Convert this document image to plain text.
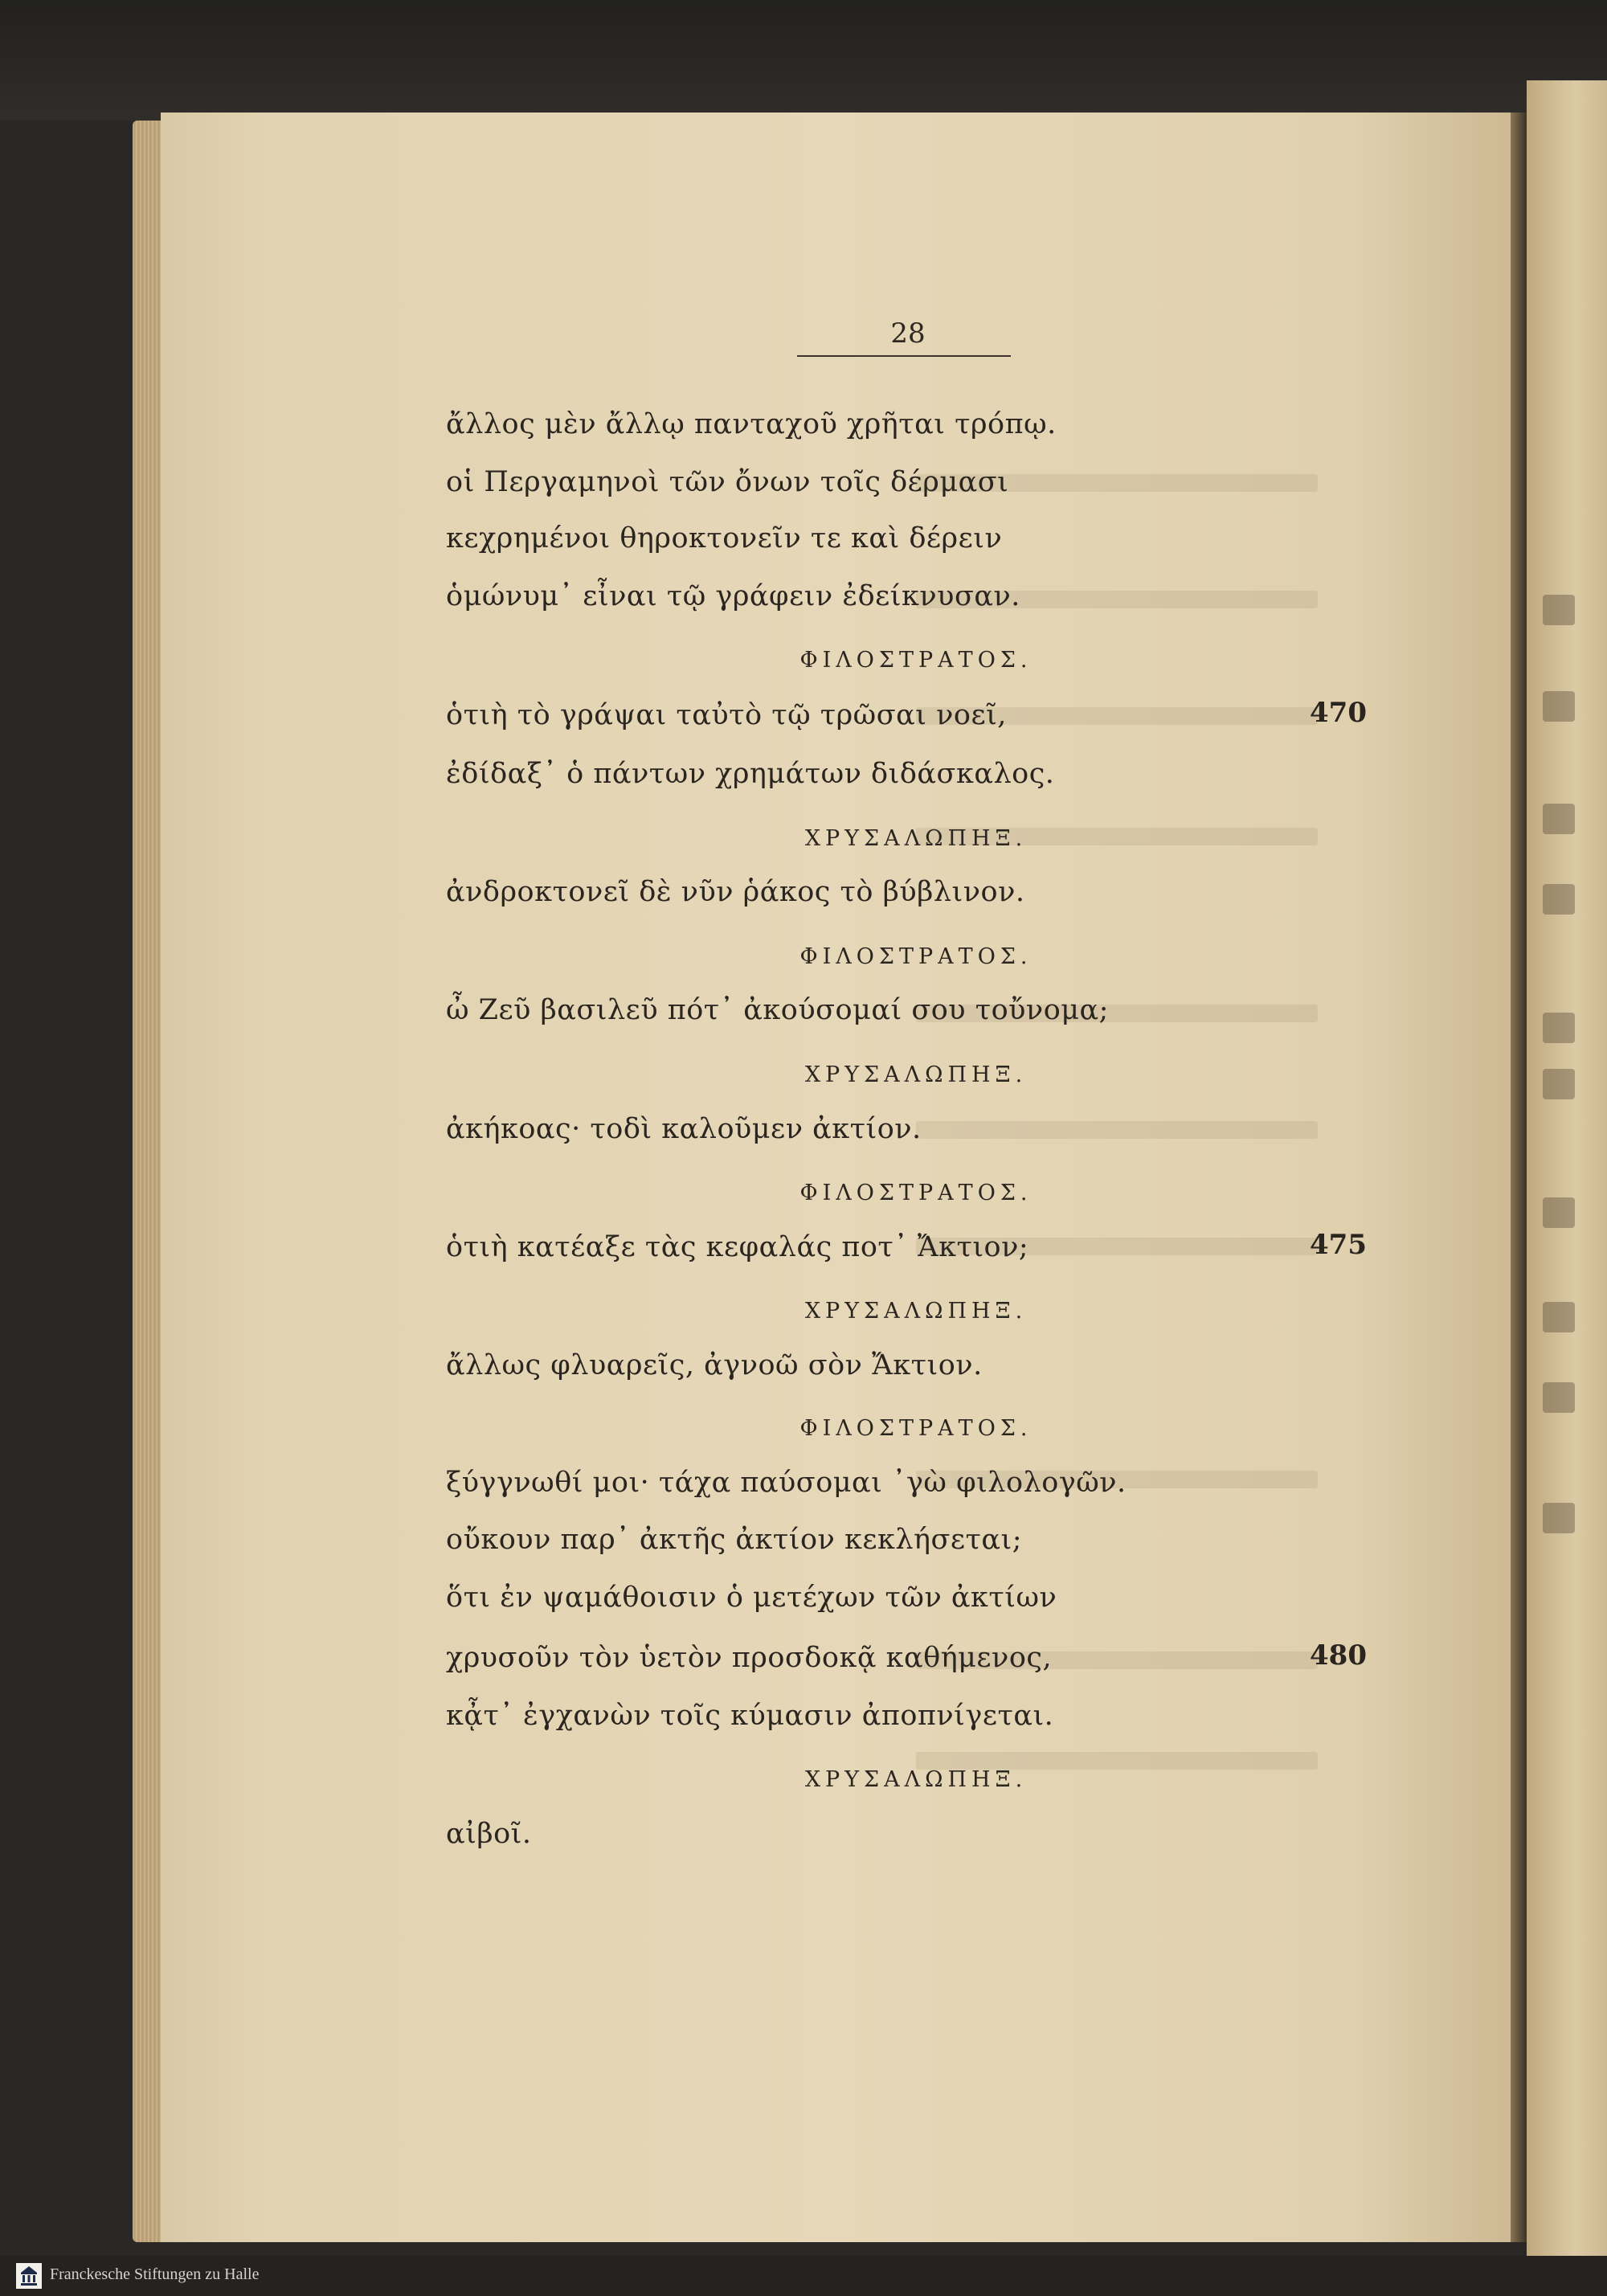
28
ἄλλος μὲν ἄλλῳ πανταχοῦ χρῆται τρόπῳ.
οἱ Περγαμηνοὶ τῶν ὄνων τοῖς δέρμασι
κεχρημένοι θηροκτονεῖν τε καὶ δέρειν
ὁμώνυμ᾽ εἶναι τῷ γράφειν ἐδείκνυσαν.
ΦΙΛΟΣΤΡΑΤΟΣ.
ὁτιὴ τὸ γράψαι ταὐτὸ τῷ τρῶσαι νοεῖ,	470
ἐδίδαξ᾽ ὁ πάντων χρημάτων διδάσκαλος.
ΧΡΥΣΑΛΩΠΗΞ.
ἀνδροκτονεῖ δὲ νῦν ῥάκος τὸ βύβλινον.
ΦΙΛΟΣΤΡΑΤΟΣ.
ὦ Ζεῦ βασιλεῦ πότ᾽ ἀκούσομαί σου τοὔνομα;
ΧΡΥΣΑΛΩΠΗΞ.
ἀκήκοας· τοδὶ καλοῦμεν ἀκτίον.
ΦΙΛΟΣΤΡΑΤΟΣ.
ὁτιὴ κατέαξε τὰς κεφαλάς ποτ᾽ Ἄκτιον;	475
ΧΡΥΣΑΛΩΠΗΞ.
ἄλλως φλυαρεῖς, ἀγνοῶ σὸν Ἄκτιον.
ΦΙΛΟΣΤΡΑΤΟΣ.
ξύγγνωθί μοι· τάχα παύσομαι ᾽γὼ φιλολογῶν.
οὔκουν παρ᾽ ἀκτῆς ἀκτίον κεκλήσεται;
ὅτι ἐν ψαμάθοισιν ὁ μετέχων τῶν ἀκτίων
χρυσοῦν τὸν ὑετὸν προσδοκᾷ καθήμενος,	480
κᾆτ᾽ ἐγχανὼν τοῖς κύμασιν ἀποπνίγεται.
ΧΡΥΣΑΛΩΠΗΞ.
αἰβοῖ.
Franckesche Stiftungen zu Halle
